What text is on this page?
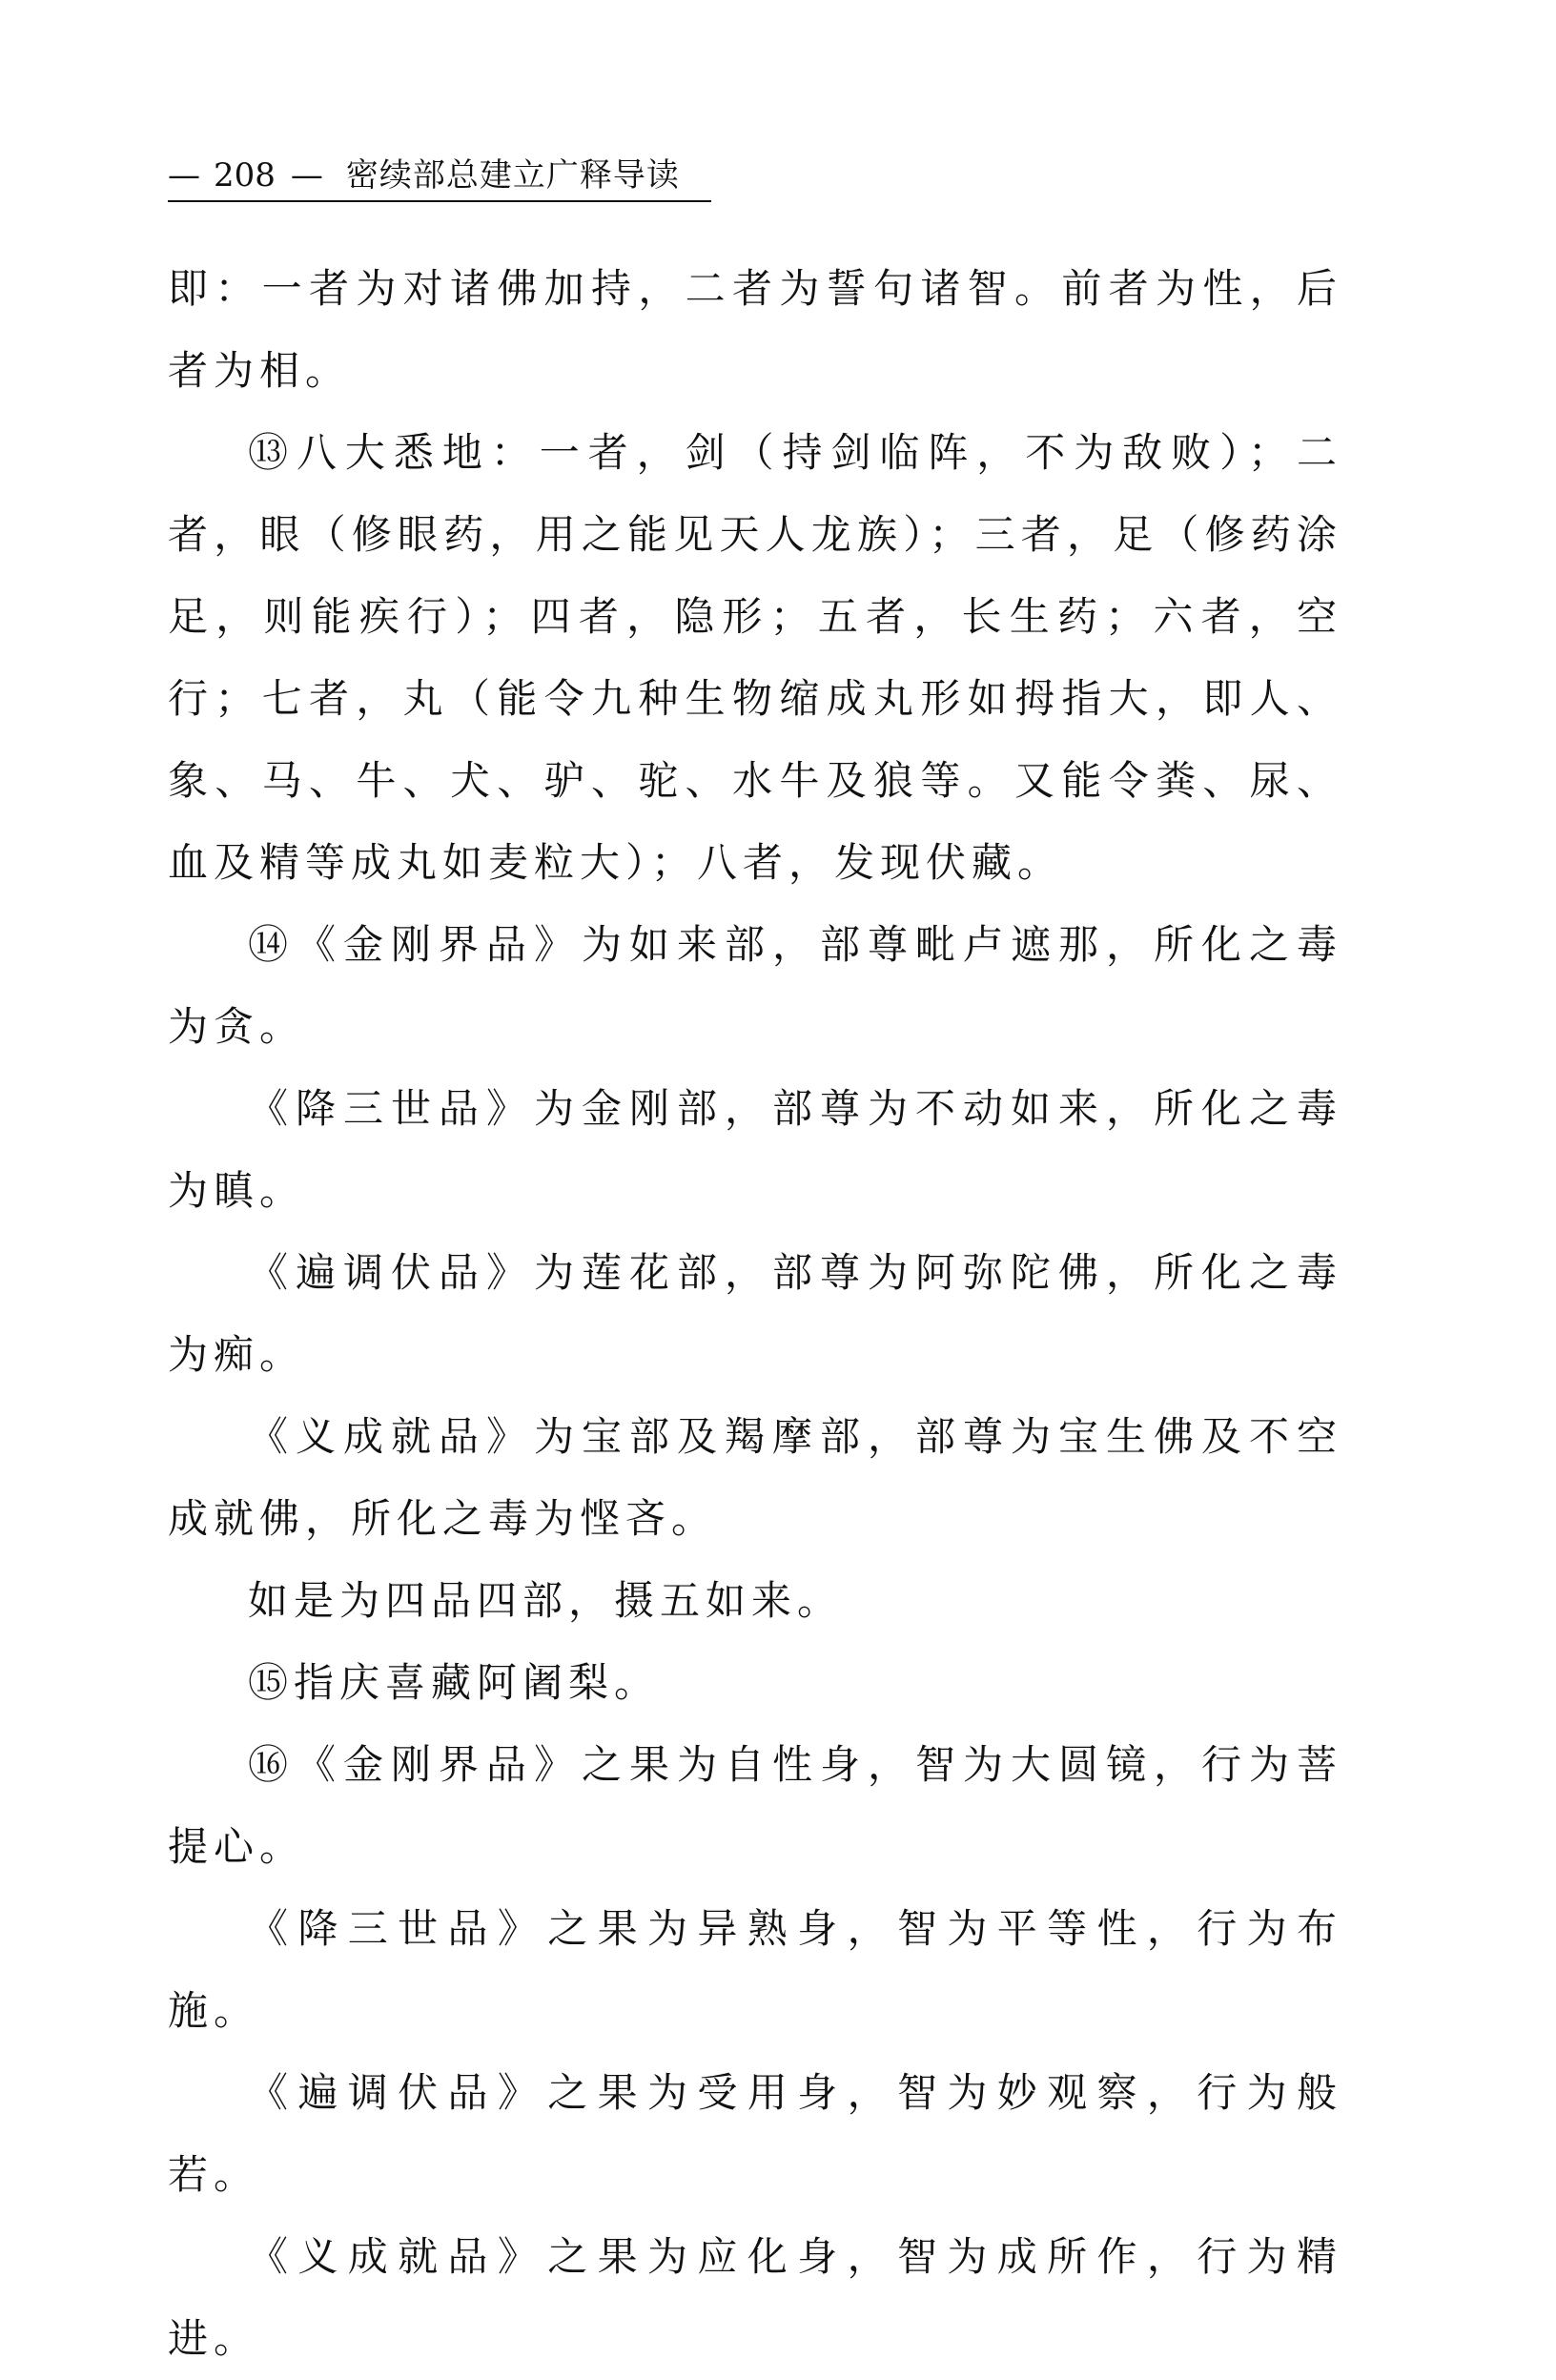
— 208 — 密续部总建立广释导读

即：一者为对诸佛加持，二者为誓句诸智。前者为性，后者为相。

⑬八大悉地：一者，剑（持剑临阵，不为敌败）；二者，眼（修眼药，用之能见天人龙族）；三者，足（修药涂足，则能疾行）；四者，隐形；五者，长生药；六者，空行；七者，丸（能令九种生物缩成丸形如拇指大，即人、象、马、牛、犬、驴、驼、水牛及狼等。又能令粪、尿、血及精等成丸如麦粒大）；八者，发现伏藏。

⑭《金刚界品》为如来部，部尊毗卢遮那，所化之毒为贪。

《降三世品》为金刚部，部尊为不动如来，所化之毒为瞋。

《遍调伏品》为莲花部，部尊为阿弥陀佛，所化之毒为痴。

《义成就品》为宝部及羯摩部，部尊为宝生佛及不空成就佛，所化之毒为悭吝。

如是为四品四部，摄五如来。

⑮指庆喜藏阿阇梨。

⑯《金刚界品》之果为自性身，智为大圆镜，行为菩提心。

《降三世品》之果为异熟身，智为平等性，行为布施。

《遍调伏品》之果为受用身，智为妙观察，行为般若。

《义成就品》之果为应化身，智为成所作，行为精进。
